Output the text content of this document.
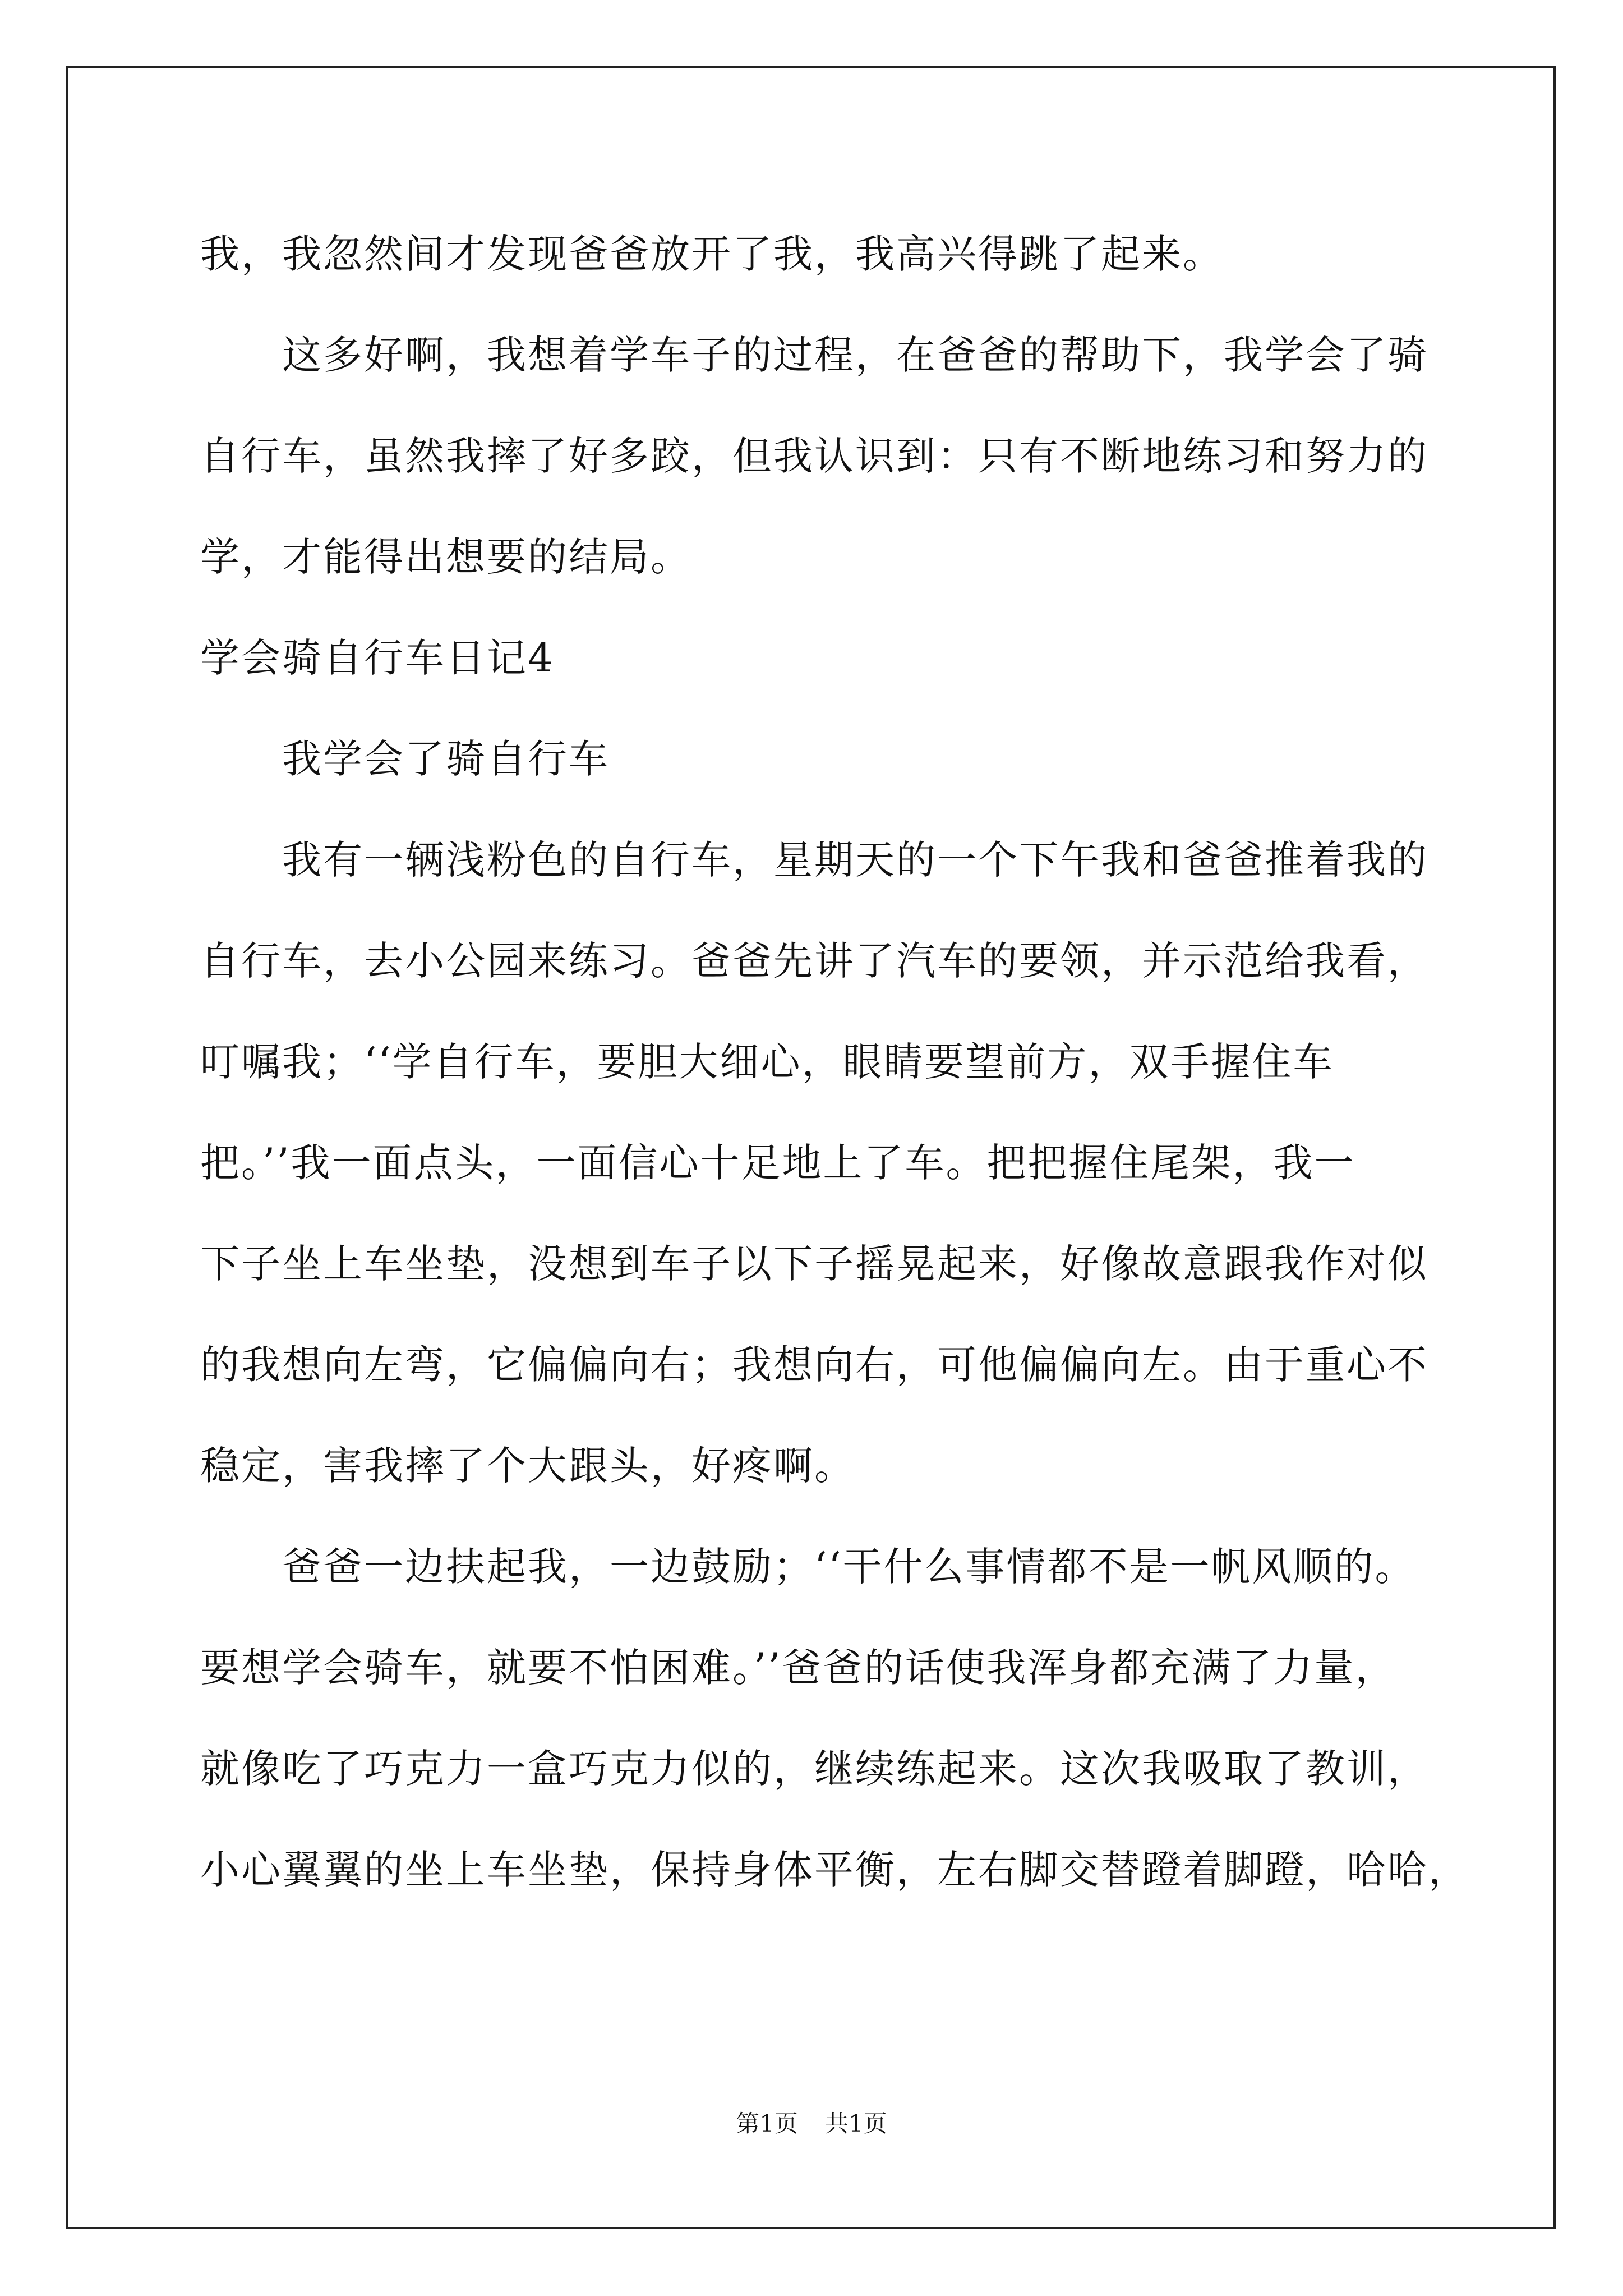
我，我忽然间才发现爸爸放开了我，我高兴得跳了起来。
这多好啊，我想着学车子的过程，在爸爸的帮助下，我学会了骑
自行车，虽然我摔了好多跤，但我认识到：只有不断地练习和努力的
学，才能得出想要的结局。
学会骑自行车日记4
我学会了骑自行车
我有一辆浅粉色的自行车，星期天的一个下午我和爸爸推着我的
自行车，去小公园来练习。爸爸先讲了汽车的要领，并示范给我看，
叮嘱我；‘‘学自行车，要胆大细心，眼睛要望前方，双手握住车
把。’’我一面点头，一面信心十足地上了车。把把握住尾架，我一
下子坐上车坐垫，没想到车子以下子摇晃起来，好像故意跟我作对似
的我想向左弯，它偏偏向右；我想向右，可他偏偏向左。由于重心不
稳定，害我摔了个大跟头，好疼啊。
爸爸一边扶起我，一边鼓励；‘‘干什么事情都不是一帆风顺的。
要想学会骑车，就要不怕困难。’’爸爸的话使我浑身都充满了力量，
就像吃了巧克力一盒巧克力似的，继续练起来。这次我吸取了教训，
小心翼翼的坐上车坐垫，保持身体平衡，左右脚交替蹬着脚蹬，哈哈，
第1页 共1页
